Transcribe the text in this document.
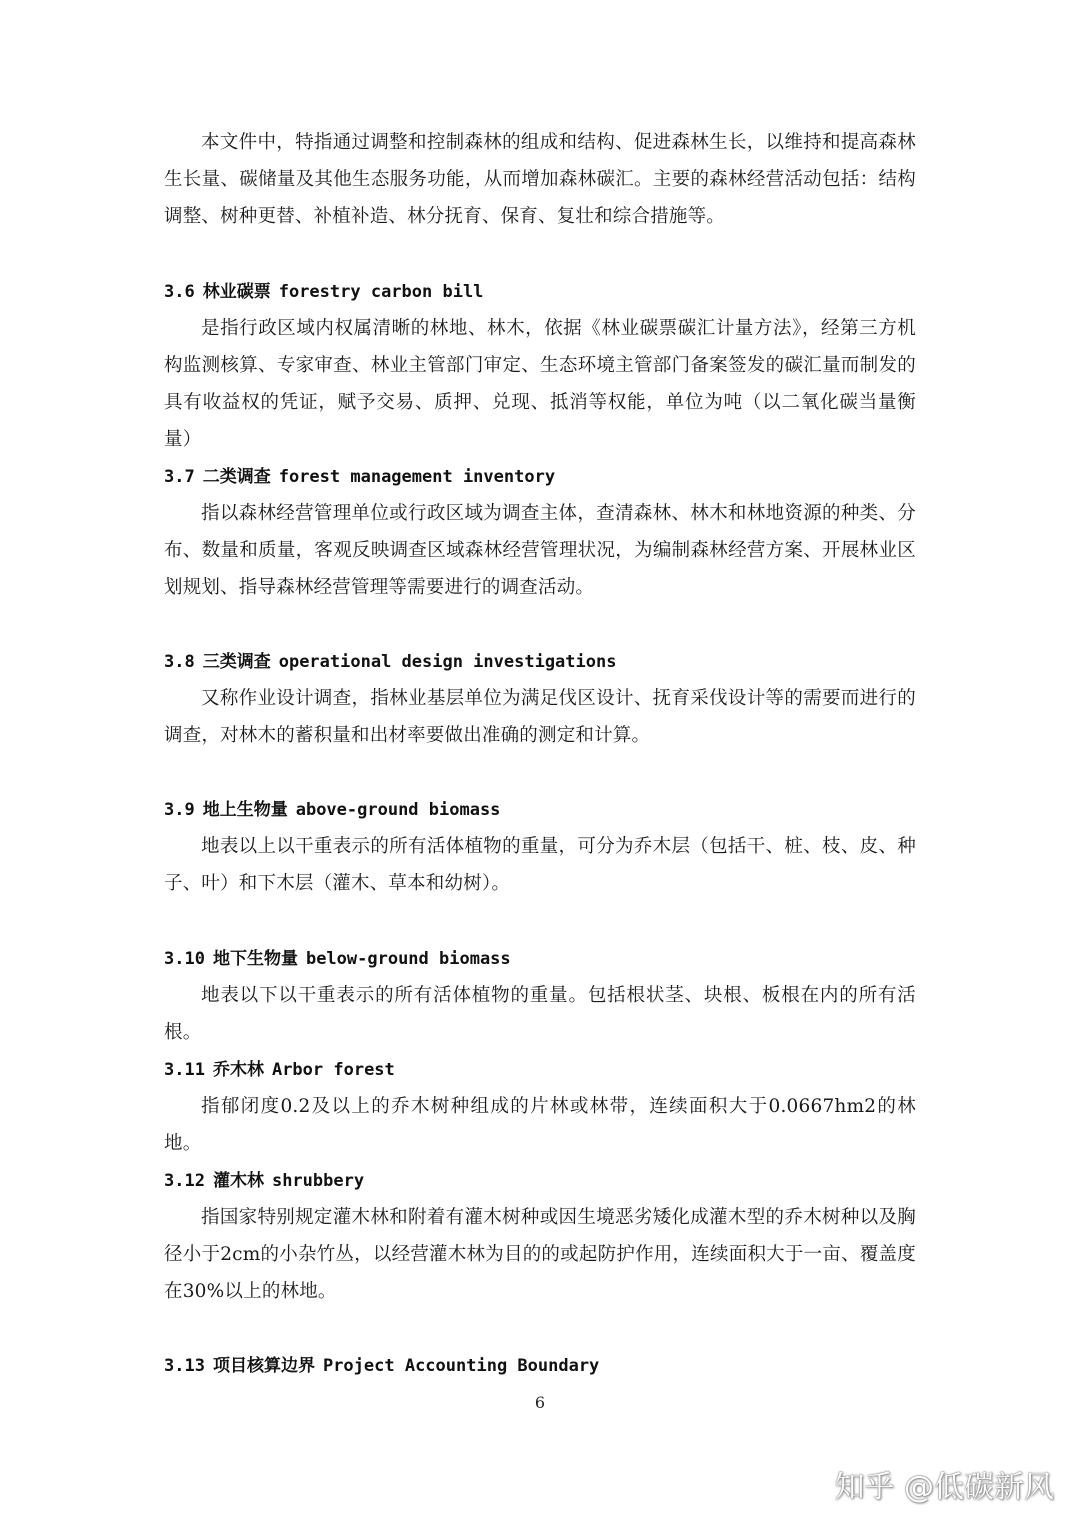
本文件中，特指通过调整和控制森林的组成和结构、促进森林生长，以维持和提高森林生长量、碳储量及其他生态服务功能，从而增加森林碳汇。主要的森林经营活动包括：结构调整、树种更替、补植补造、林分抚育、保育、复壮和综合措施等。

3.6 林业碳票 forestry carbon bill

是指行政区域内权属清晰的林地、林木，依据《林业碳票碳汇计量方法》，经第三方机构监测核算、专家审查、林业主管部门审定、生态环境主管部门备案签发的碳汇量而制发的具有收益权的凭证，赋予交易、质押、兑现、抵消等权能，单位为吨（以二氧化碳当量衡量）

3.7 二类调查 forest management inventory

指以森林经营管理单位或行政区域为调查主体，查清森林、林木和林地资源的种类、分布、数量和质量，客观反映调查区域森林经营管理状况，为编制森林经营方案、开展林业区划规划、指导森林经营管理等需要进行的调查活动。

3.8 三类调查 operational design investigations

又称作业设计调查，指林业基层单位为满足伐区设计、抚育采伐设计等的需要而进行的调查，对林木的蓄积量和出材率要做出准确的测定和计算。

3.9 地上生物量 above-ground biomass

地表以上以干重表示的所有活体植物的重量，可分为乔木层（包括干、桩、枝、皮、种子、叶）和下木层（灌木、草本和幼树）。

3.10 地下生物量 below-ground biomass

地表以下以干重表示的所有活体植物的重量。包括根状茎、块根、板根在内的所有活根。

3.11 乔木林 Arbor forest

指郁闭度0.2及以上的乔木树种组成的片林或林带，连续面积大于0.0667hm2的林地。

3.12 灌木林 shrubbery

指国家特别规定灌木林和附着有灌木树种或因生境恶劣矮化成灌木型的乔木树种以及胸径小于2cm的小杂竹丛，以经营灌木林为目的的或起防护作用，连续面积大于一亩、覆盖度在30%以上的林地。

3.13 项目核算边界 Project Accounting Boundary
6
知乎 @低碳新风
